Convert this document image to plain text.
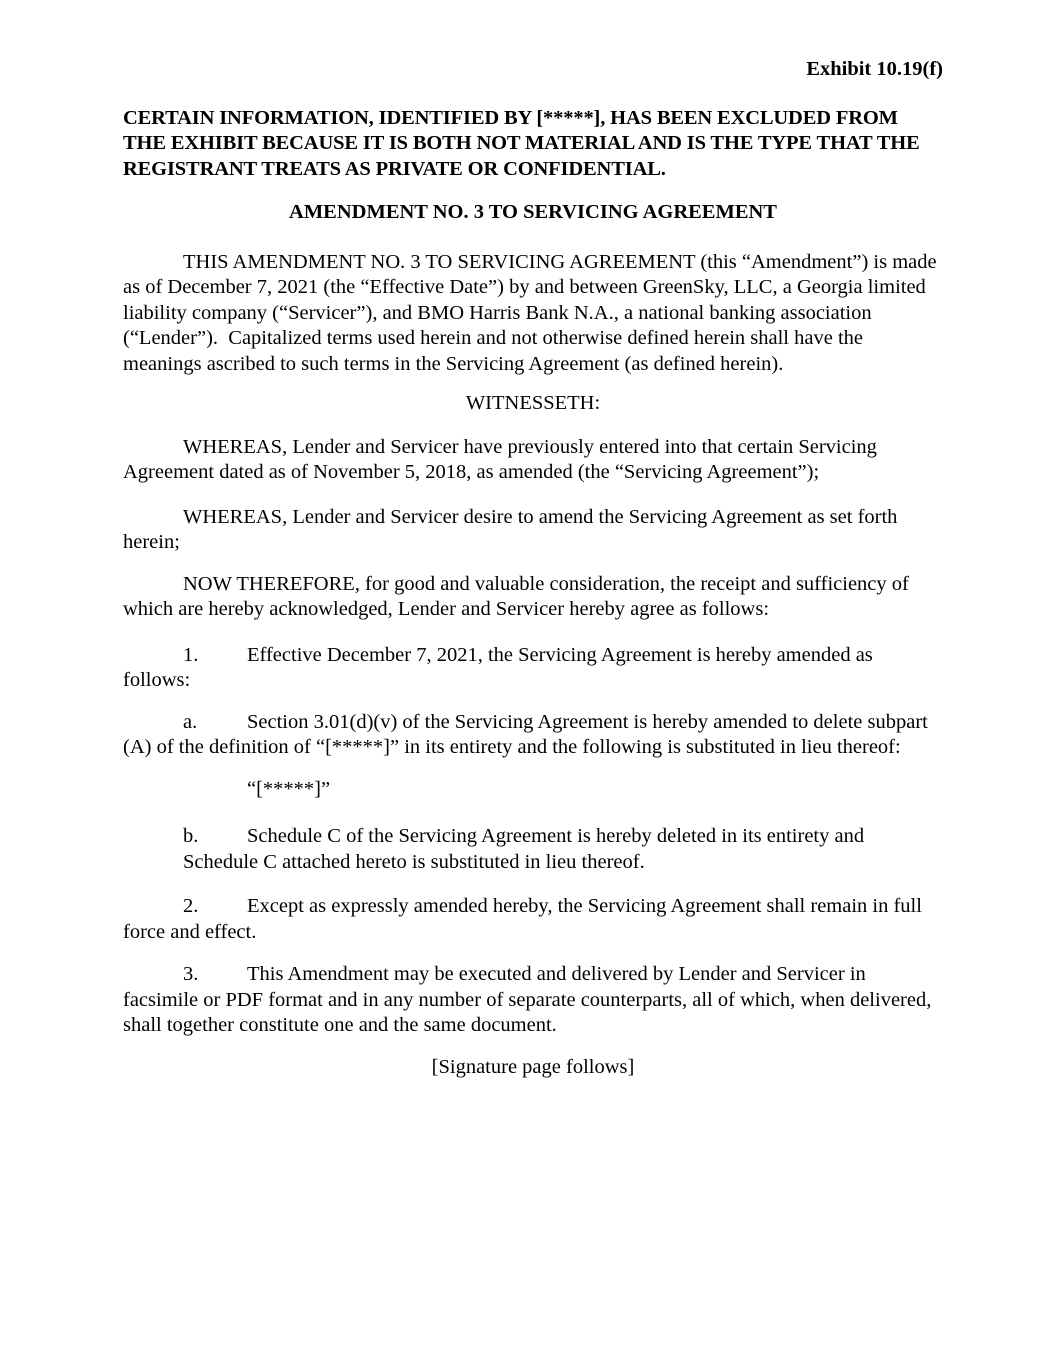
Exhibit 10.19(f)

CERTAIN INFORMATION, IDENTIFIED BY [*****], HAS BEEN EXCLUDED FROM THE EXHIBIT BECAUSE IT IS BOTH NOT MATERIAL AND IS THE TYPE THAT THE REGISTRANT TREATS AS PRIVATE OR CONFIDENTIAL.

AMENDMENT NO. 3 TO SERVICING AGREEMENT

THIS AMENDMENT NO. 3 TO SERVICING AGREEMENT (this “Amendment”) is made as of December 7, 2021 (the “Effective Date”) by and between GreenSky, LLC, a Georgia limited liability company (“Servicer”), and BMO Harris Bank N.A., a national banking association (“Lender”).  Capitalized terms used herein and not otherwise defined herein shall have the meanings ascribed to such terms in the Servicing Agreement (as defined herein).

WITNESSETH:

WHEREAS, Lender and Servicer have previously entered into that certain Servicing Agreement dated as of November 5, 2018, as amended (the “Servicing Agreement”);

WHEREAS, Lender and Servicer desire to amend the Servicing Agreement as set forth herein;

NOW THEREFORE, for good and valuable consideration, the receipt and sufficiency of which are hereby acknowledged, Lender and Servicer hereby agree as follows:

1. Effective December 7, 2021, the Servicing Agreement is hereby amended as follows:

a. Section 3.01(d)(v) of the Servicing Agreement is hereby amended to delete subpart (A) of the definition of “[*****]” in its entirety and the following is substituted in lieu thereof:

“[*****]”

b. Schedule C of the Servicing Agreement is hereby deleted in its entirety and Schedule C attached hereto is substituted in lieu thereof.

2. Except as expressly amended hereby, the Servicing Agreement shall remain in full force and effect.

3. This Amendment may be executed and delivered by Lender and Servicer in facsimile or PDF format and in any number of separate counterparts, all of which, when delivered, shall together constitute one and the same document.

[Signature page follows]
